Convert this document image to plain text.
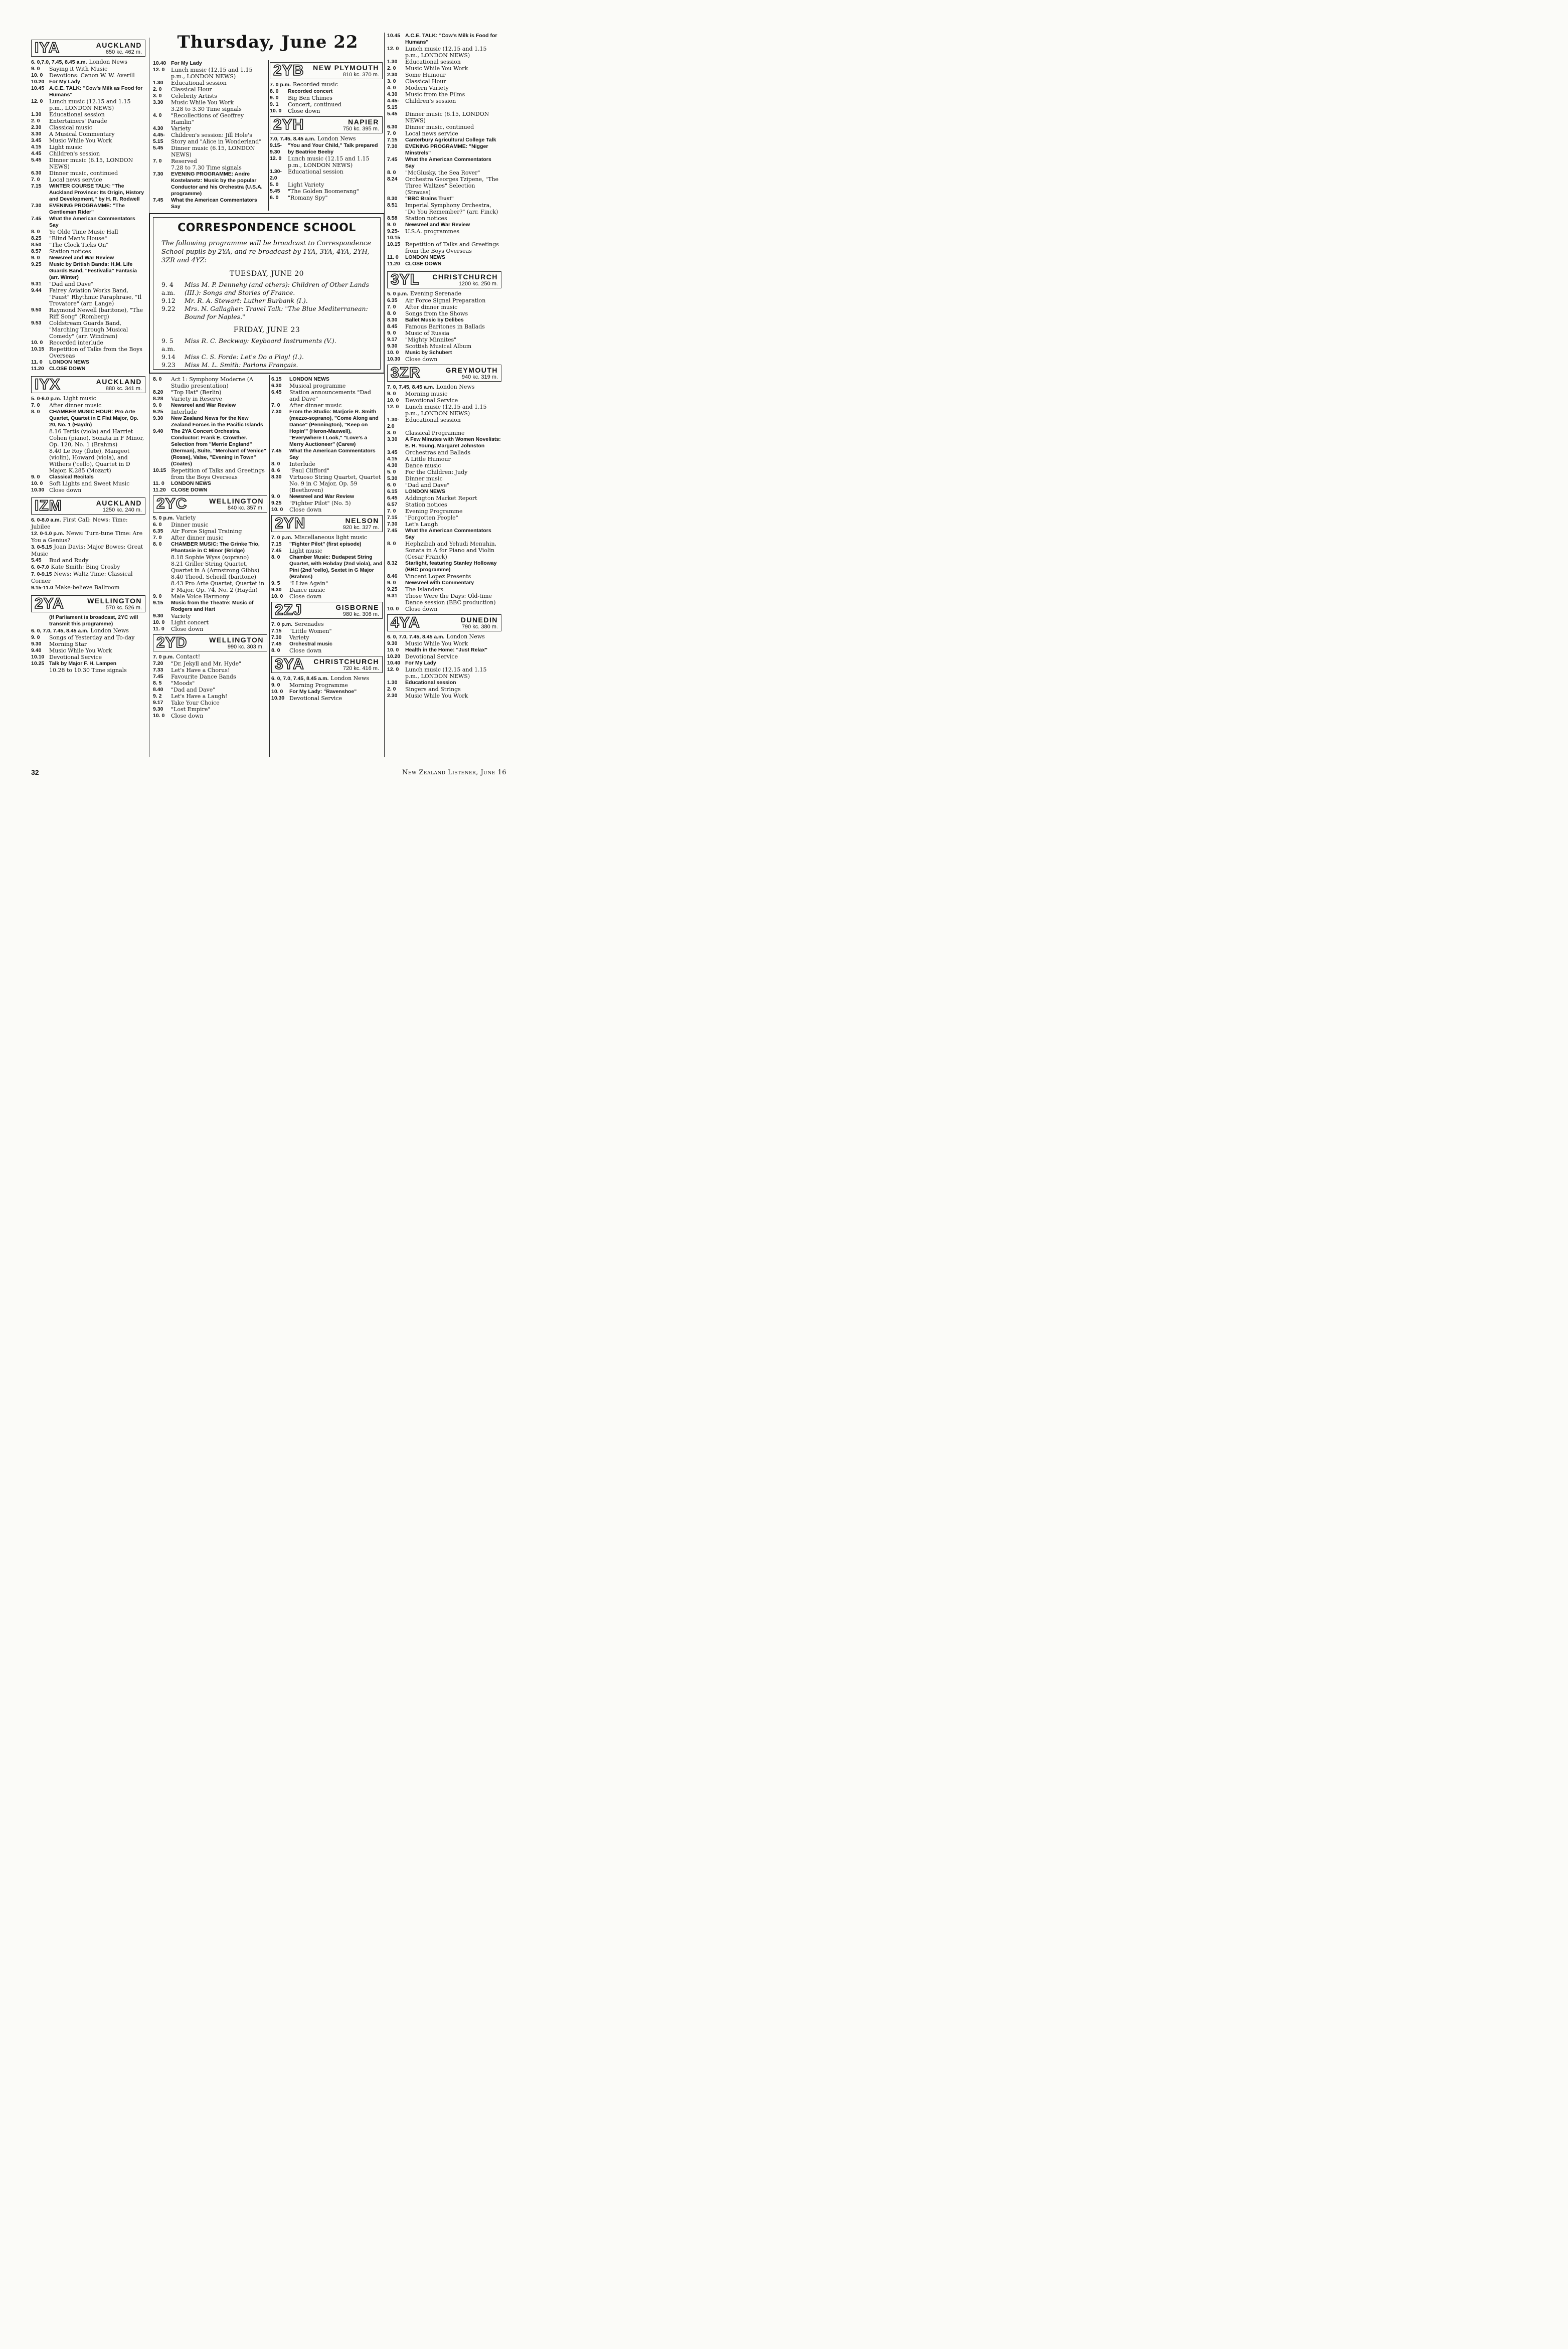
Thursday, June 22
IYA	AUCKLAND
650 kc. 462 m.
6. 0,7.0, 7.45, 8.45 a.m. London News
9. 0	Saying it With Music
10. 0	Devotions: Canon W. W. Averill
10.20 For My Lady
10.45 A.C.E. TALK: "Cow's Milk as Food for Humans"
12. 0	Lunch music (12.15 and 1.15 p.m., LONDON NEWS)
1.30	Educational session
2. 0	Entertainers' Parade
2.30	Classical music
3.30	A Musical Commentary
3.45	Music While You Work
4.15	Light music
4.45	Children's session
5.45	Dinner music (6.15, LONDON NEWS)
6.30	Dinner music, continued
7. 0	Local news service
7.15	WINTER COURSE TALK: "The Auckland Province: Its Origin, History and Development," by H. R. Rodwell
7.30	EVENING PROGRAMME: "The Gentleman Rider"
7.45	What the American Commentators Say
8. 0	Ye Olde Time Music Hall
8.25	"Blind Man's House"
8.50	"The Clock Ticks On"
8.57	Station notices
9. 0	Newsreel and War Review
9.25	Music by British Bands: H.M. Life Guards Band, "Festivalia" Fantasia (arr. Winter)
9.31	"Dad and Dave"
9.44	Fairey Aviation Works Band, "Faust" Rhythmic Paraphrase, "Il Trovatore" (arr. Lange)
9.50	Raymond Newell (baritone), "The Riff Song" (Romberg)
9.53	Coldstream Guards Band, "Marching Through Musical Comedy" (arr. Windram)
10. 0	Recorded interlude
10.15 Repetition of Talks from the Boys Overseas
11. 0	LONDON NEWS
11.20 CLOSE DOWN
IYX	AUCKLAND
880 kc. 341 m.
5. 0-6.0 p.m. Light music
7. 0	After dinner music
8. 0	CHAMBER MUSIC HOUR: Pro Arte Quartet, Quartet in E Flat Major, Op. 20, No. 1 (Haydn)
8.16 Tertis (viola) and Harriet Cohen (piano), Sonata in F Minor, Op. 120, No. 1 (Brahms)
8.40 Le Roy (flute), Mangeot (violin), Howard (viola), and Withers ('cello), Quartet in D Major, K.285 (Mozart)
9. 0	Classical Recitals
10. 0	Soft Lights and Sweet Music
10.30 Close down
IZM	AUCKLAND
1250 kc. 240 m.
6. 0-8.0 a.m. First Call: News: Time: Jubilee
12. 0-1.0 p.m. News: Turn-tune Time: Are You a Genius?
3. 0-5.15 Joan Davis: Major Bowes: Great Music
5.45	Bud and Rudy
6. 0-7.0 Kate Smith: Bing Crosby
7. 0-9.15 News: Waltz Time: Classical Corner
9.15-11.0 Make-believe Ballroom
2YA	WELLINGTON
570 kc. 526 m.
(If Parliament is broadcast, 2YC will transmit this programme)
6. 0, 7.0, 7.45, 8.45 a.m. London News
9. 0	Songs of Yesterday and To-day
9.30	Morning Star
9.40	Music While You Work
10.10 Devotional Service
10.25 Talk by Major F. H. Lampen
10.28 to 10.30 Time signals
10.40 For My Lady
12. 0	Lunch music (12.15 and 1.15 p.m., LONDON NEWS)
1.30	Educational session
2. 0	Classical Hour
3. 0	Celebrity Artists
3.30	Music While You Work
3.28 to 3.30 Time signals
4. 0	"Recollections of Geoffrey Hamlin"
4.30	Variety
4.45-5.15
Children's session: Jill Hole's Story and "Alice in Wonderland"
5.45	Dinner music (6.15, LONDON NEWS)
7. 0	Reserved
7.28 to 7.30 Time signals
7.30	EVENING PROGRAMME: Andre Kostelanetz: Music by the popular Conductor and his Orchestra (U.S.A. programme)
7.45	What the American Commentators Say
2YB	NEW PLYMOUTH
810 kc. 370 m.
7. 0 p.m. Recorded music
8. 0	Recorded concert
9. 0	Big Ben Chimes
9. 1	Concert, continued
10. 0	Close down
2YH	NAPIER
750 kc. 395 m.
7.0, 7.45, 8.45 a.m. London News
9.15-9.30
"You and Your Child," Talk prepared by Beatrice Beeby
12. 0	Lunch music (12.15 and 1.15 p.m., LONDON NEWS)
1.30-2.0
Educational session
5. 0	Light Variety
5.45	"The Golden Boomerang"
6. 0	"Romany Spy"
CORRESPONDENCE SCHOOL
The following programme will be broadcast to Correspondence School pupils by 2YA, and re-broadcast by 1YA, 3YA, 4YA, 2YH, 3ZR and 4YZ:
TUESDAY, JUNE 20
9. 4 a.m.
Miss M. P. Dennehy (and others): Children of Other Lands (III.): Songs and Stories of France.
9.12	Mr. R. A. Stewart: Luther Burbank (I.).
9.22	Mrs. N. Gallagher: Travel Talk: "The Blue Mediterranean: Bound for Naples."
FRIDAY, JUNE 23
9. 5 a.m.
Miss R. C. Beckway: Keyboard Instruments (V.).
9.14	Miss C. S. Forde: Let's Do a Play! (I.).
9.23	Miss M. L. Smith: Parlons Français.
8. 0	Act 1: Symphony Moderne (A Studio presentation)
8.20	"Top Hat" (Berlin)
8.28	Variety in Reserve
9. 0	Newsreel and War Review
9.25	Interlude
9.30	New Zealand News for the New Zealand Forces in the Pacific Islands
9.40	The 2YA Concert Orchestra. Conductor: Frank E. Crowther. Selection from "Merrie England" (German), Suite, "Merchant of Venice" (Rosse), Valse, "Evening in Town" (Coates)
10.15 Repetition of Talks and Greetings from the Boys Overseas
11. 0	LONDON NEWS
11.20 CLOSE DOWN
2YC	WELLINGTON
840 kc. 357 m.
5. 0 p.m. Variety
6. 0	Dinner music
6.35	Air Force Signal Training
7. 0	After dinner music
8. 0	CHAMBER MUSIC: The Grinke Trio, Phantasie in C Minor (Bridge)
8.18 Sophie Wyss (soprano)
8.21 Griller String Quartet, Quartet in A (Armstrong Gibbs)
8.40 Theod. Scheidl (baritone)
8.43 Pro Arte Quartet, Quartet in F Major, Op. 74, No. 2 (Haydn)
9. 0	Male Voice Harmony
9.15	Music from the Theatre: Music of Rodgers and Hart
9.30	Variety
10. 0	Light concert
11. 0	Close down
2YD	WELLINGTON
990 kc. 303 m.
7. 0 p.m. Contact!
7.20	"Dr. Jekyll and Mr. Hyde"
7.33	Let's Have a Chorus!
7.45	Favourite Dance Bands
8. 5	"Moods"
8.40	"Dad and Dave"
9. 2	Let's Have a Laugh!
9.17	Take Your Choice
9.30	"Lost Empire"
10. 0	Close down
6.15	LONDON NEWS
6.30	Musical programme
6.45	Station announcements "Dad and Dave"
7. 0	After dinner music
7.30	From the Studio: Marjorie R. Smith (mezzo-soprano), "Come Along and Dance" (Pennington), "Keep on Hopin'" (Heron-Maxwell), "Everywhere I Look," "Love's a Merry Auctioneer" (Carew)
7.45	What the American Commentators Say
8. 0	Interlude
8. 6	"Paul Clifford"
8.30	Virtuoso String Quartet, Quartet No. 9 in C Major, Op. 59 (Beethoven)
9. 0	Newsreel and War Review
9.25	"Fighter Pilot" (No. 5)
10. 0	Close down
2YN	NELSON
920 kc. 327 m.
7. 0 p.m. Miscellaneous light music
7.15	"Fighter Pilot" (first episode)
7.45	Light music
8. 0	Chamber Music: Budapest String Quartet, with Hobday (2nd viola), and Pini (2nd 'cello), Sextet in G Major (Brahms)
9. 5	"I Live Again"
9.30	Dance music
10. 0	Close down
2ZJ	GISBORNE
980 kc. 306 m.
7. 0 p.m. Serenades
7.15	"Little Women"
7.30	Variety
7.45	Orchestral music
8. 0	Close down
3YA	CHRISTCHURCH
720 kc. 416 m.
6. 0, 7.0, 7.45, 8.45 a.m. London News
9. 0	Morning Programme
10. 0	For My Lady: "Ravenshoe"
10.30 Devotional Service
10.45 A.C.E. TALK: "Cow's Milk is Food for Humans"
12. 0	Lunch music (12.15 and 1.15 p.m., LONDON NEWS)
1.30	Educational session
2. 0	Music While You Work
2.30	Some Humour
3. 0	Classical Hour
4. 0	Modern Variety
4.30	Music from the Films
4.45-5.15
Children's session
5.45	Dinner music (6.15, LONDON NEWS)
6.30	Dinner music, continued
7. 0	Local news service
7.15	Canterbury Agricultural College Talk
7.30	EVENING PROGRAMME: "Nigger Minstrels"
7.45	What the American Commentators Say
8. 0	"McGlusky, the Sea Rover"
8.24	Orchestra Georges Tzipene, "The Three Waltzes" Selection (Strauss)
8.30	"BBC Brains Trust"
8.51	Imperial Symphony Orchestra, "Do You Remember?" (arr. Finck)
8.58	Station notices
9. 0	Newsreel and War Review
9.25-10.15
U.S.A. programmes
10.15 Repetition of Talks and Greetings from the Boys Overseas
11. 0	LONDON NEWS
11.20 CLOSE DOWN
3YL	CHRISTCHURCH
1200 kc. 250 m.
5. 0 p.m. Evening Serenade
6.35	Air Force Signal Preparation
7. 0	After dinner music
8. 0	Songs from the Shows
8.30	Ballet Music by Delibes
8.45	Famous Baritones in Ballads
9. 0	Music of Russia
9.17	"Mighty Minnites"
9.30	Scottish Musical Album
10. 0	Music by Schubert
10.30 Close down
3ZR	GREYMOUTH
940 kc. 319 m.
7. 0, 7.45, 8.45 a.m. London News
9. 0	Morning music
10. 0	Devotional Service
12. 0	Lunch music (12.15 and 1.15 p.m., LONDON NEWS)
1.30-2.0
Educational session
3. 0	Classical Programme
3.30	A Few Minutes with Women Novelists: E. H. Young, Margaret Johnston
3.45	Orchestras and Ballads
4.15	A Little Humour
4.30	Dance music
5. 0	For the Children: Judy
5.30	Dinner music
6. 0	"Dad and Dave"
6.15	LONDON NEWS
6.45	Addington Market Report
6.57	Station notices
7. 0	Evening Programme
7.15	"Forgotten People"
7.30	Let's Laugh
7.45	What the American Commentators Say
8. 0	Hephzibah and Yehudi Menuhin, Sonata in A for Piano and Violin (Cesar Franck)
8.32	Starlight, featuring Stanley Holloway (BBC programme)
8.46	Vincent Lopez Presents
9. 0	Newsreel with Commentary
9.25	The Islanders
9.31	Those Were the Days: Old-time Dance session (BBC production)
10. 0	Close down
4YA	DUNEDIN
790 kc. 380 m.
6. 0, 7.0, 7.45, 8.45 a.m. London News
9.30	Music While You Work
10. 0	Health in the Home: "Just Relax"
10.20 Devotional Service
10.40 For My Lady
12. 0	Lunch music (12.15 and 1.15 p.m., LONDON NEWS)
1.30	Educational session
2. 0	Singers and Strings
2.30	Music While You Work
32	New Zealand Listener, June 16
